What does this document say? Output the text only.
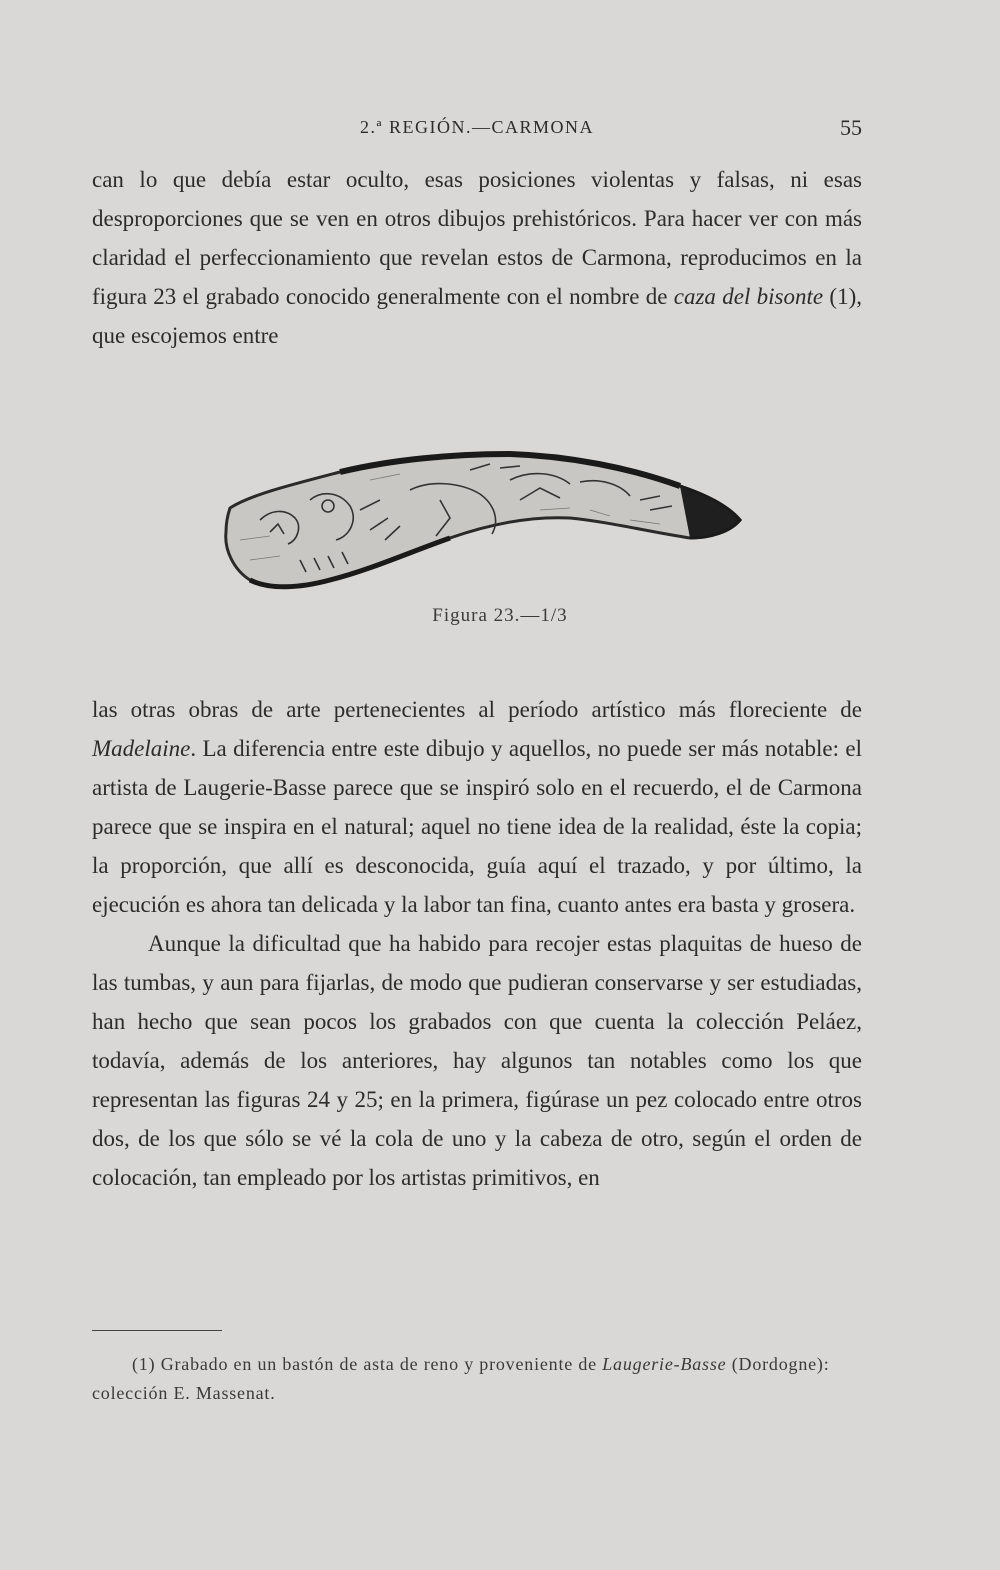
2.ª REGIÓN.—CARMONA	55

can lo que debía estar oculto, esas posiciones violentas y falsas, ni esas desproporciones que se ven en otros dibujos prehistóricos. Para hacer ver con más claridad el perfeccionamiento que revelan estos de Carmona, reproducimos en la figura 23 el grabado conocido generalmente con el nombre de caza del bisonte (1), que escojemos entre

Figura 23.—1/3

las otras obras de arte pertenecientes al período artístico más floreciente de Madelaine. La diferencia entre este dibujo y aquellos, no puede ser más notable: el artista de Laugerie-Basse parece que se inspiró solo en el recuerdo, el de Carmona parece que se inspira en el natural; aquel no tiene idea de la realidad, éste la copia; la proporción, que allí es desconocida, guía aquí el trazado, y por último, la ejecución es ahora tan delicada y la labor tan fina, cuanto antes era basta y grosera.

Aunque la dificultad que ha habido para recojer estas plaquitas de hueso de las tumbas, y aun para fijarlas, de modo que pudieran conservarse y ser estudiadas, han hecho que sean pocos los grabados con que cuenta la colección Peláez, todavía, además de los anteriores, hay algunos tan notables como los que representan las figuras 24 y 25; en la primera, figúrase un pez colocado entre otros dos, de los que sólo se vé la cola de uno y la cabeza de otro, según el orden de colocación, tan empleado por los artistas primitivos, en

(1) Grabado en un bastón de asta de reno y proveniente de Laugerie-Basse (Dordogne): colección E. Massenat.
